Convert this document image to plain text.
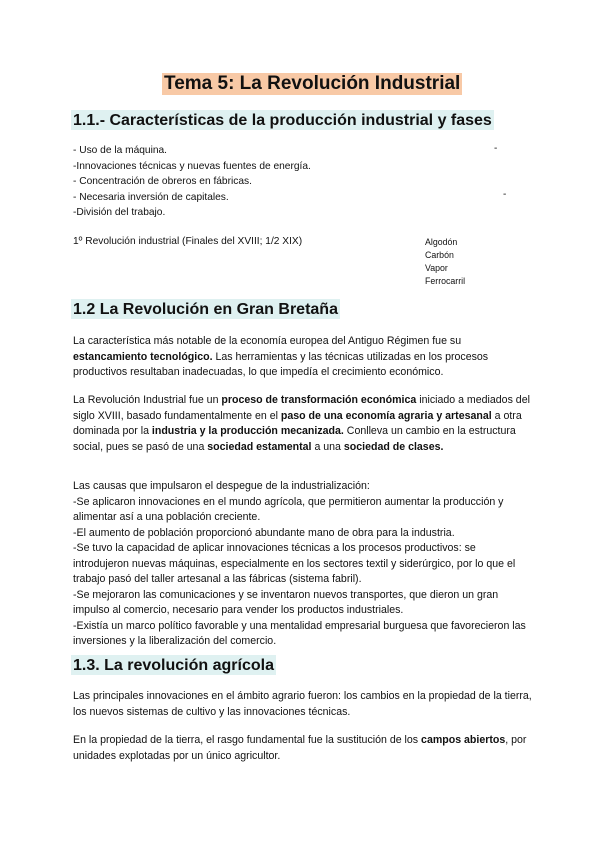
Tema 5: La Revolución Industrial
1.1.- Características de la producción industrial y fases
- Uso de la máquina.
-Innovaciones técnicas y nuevas fuentes de energía.
- Concentración de obreros en fábricas.
- Necesaria inversión de capitales.
-División del trabajo.
-
-
1º Revolución industrial (Finales del XVIII; 1/2 XIX)	Algodón
Carbón
Vapor
Ferrocarril
1.2 La Revolución en Gran Bretaña

La característica más notable de la economía europea del Antiguo Régimen fue su estancamiento tecnológico. Las herramientas y las técnicas utilizadas en los procesos productivos resultaban inadecuadas, lo que impedía el crecimiento económico.

La Revolución Industrial fue un proceso de transformación económica iniciado a mediados del siglo XVIII, basado fundamentalmente en el paso de una economía agraria y artesanal a otra dominada por la industria y la producción mecanizada. Conlleva un cambio en la estructura social, pues se pasó de una sociedad estamental a una sociedad de clases.

Las causas que impulsaron el despegue de la industrialización:

-Se aplicaron innovaciones en el mundo agrícola, que permitieron aumentar la producción y alimentar así a una población creciente.

-El aumento de población proporcionó abundante mano de obra para la industria.

-Se tuvo la capacidad de aplicar innovaciones técnicas a los procesos productivos: se introdujeron nuevas máquinas, especialmente en los sectores textil y siderúrgico, por lo que el trabajo pasó del taller artesanal a las fábricas (sistema fabril).

-Se mejoraron las comunicaciones y se inventaron nuevos transportes, que dieron un gran impulso al comercio, necesario para vender los productos industriales.

-Existía un marco político favorable y una mentalidad empresarial burguesa que favorecieron las inversiones y la liberalización del comercio.

1.3. La revolución agrícola

Las principales innovaciones en el ámbito agrario fueron: los cambios en la propiedad de la tierra, los nuevos sistemas de cultivo y las innovaciones técnicas.

En la propiedad de la tierra, el rasgo fundamental fue la sustitución de los campos abiertos, por unidades explotadas por un único agricultor.
